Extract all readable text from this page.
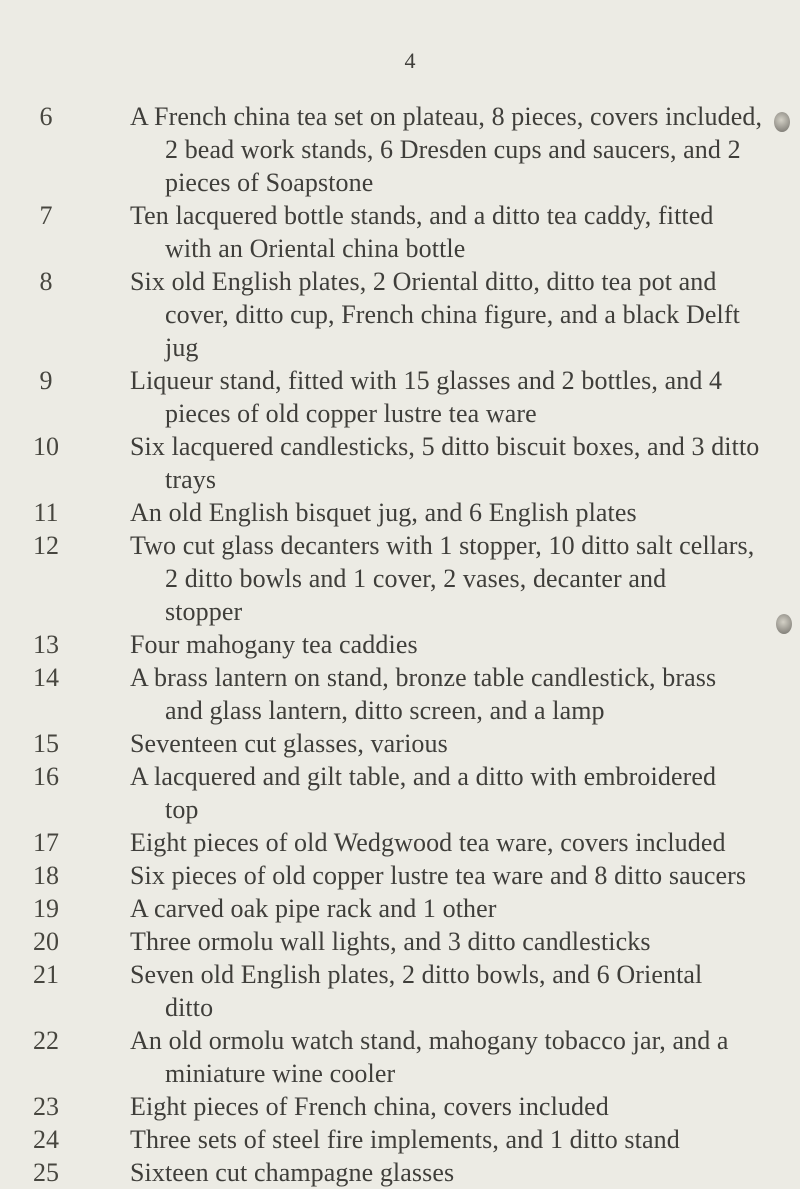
4
6	A French china tea set on plateau, 8 pieces, covers included,
2 bead work stands, 6 Dresden cups and saucers, and 2
pieces of Soapstone
7	Ten lacquered bottle stands, and a ditto tea caddy, fitted
with an Oriental china bottle
8	Six old English plates, 2 Oriental ditto, ditto tea pot and
cover, ditto cup, French china figure, and a black Delft
jug
9	Liqueur stand, fitted with 15 glasses and 2 bottles, and 4
pieces of old copper lustre tea ware
10	Six lacquered candlesticks, 5 ditto biscuit boxes, and 3 ditto
trays
11	An old English bisquet jug, and 6 English plates
12	Two cut glass decanters with 1 stopper, 10 ditto salt cellars,
2 ditto bowls and 1 cover, 2 vases, decanter and
stopper
13	Four mahogany tea caddies
14	A brass lantern on stand, bronze table candlestick, brass
and glass lantern, ditto screen, and a lamp
15	Seventeen cut glasses, various
16	A lacquered and gilt table, and a ditto with embroidered
top
17	Eight pieces of old Wedgwood tea ware, covers included
18	Six pieces of old copper lustre tea ware and 8 ditto saucers
19	A carved oak pipe rack and 1 other
20	Three ormolu wall lights, and 3 ditto candlesticks
21	Seven old English plates, 2 ditto bowls, and 6 Oriental
ditto
22	An old ormolu watch stand, mahogany tobacco jar, and a
miniature wine cooler
23	Eight pieces of French china, covers included
24	Three sets of steel fire implements, and 1 ditto stand
25	Sixteen cut champagne glasses
